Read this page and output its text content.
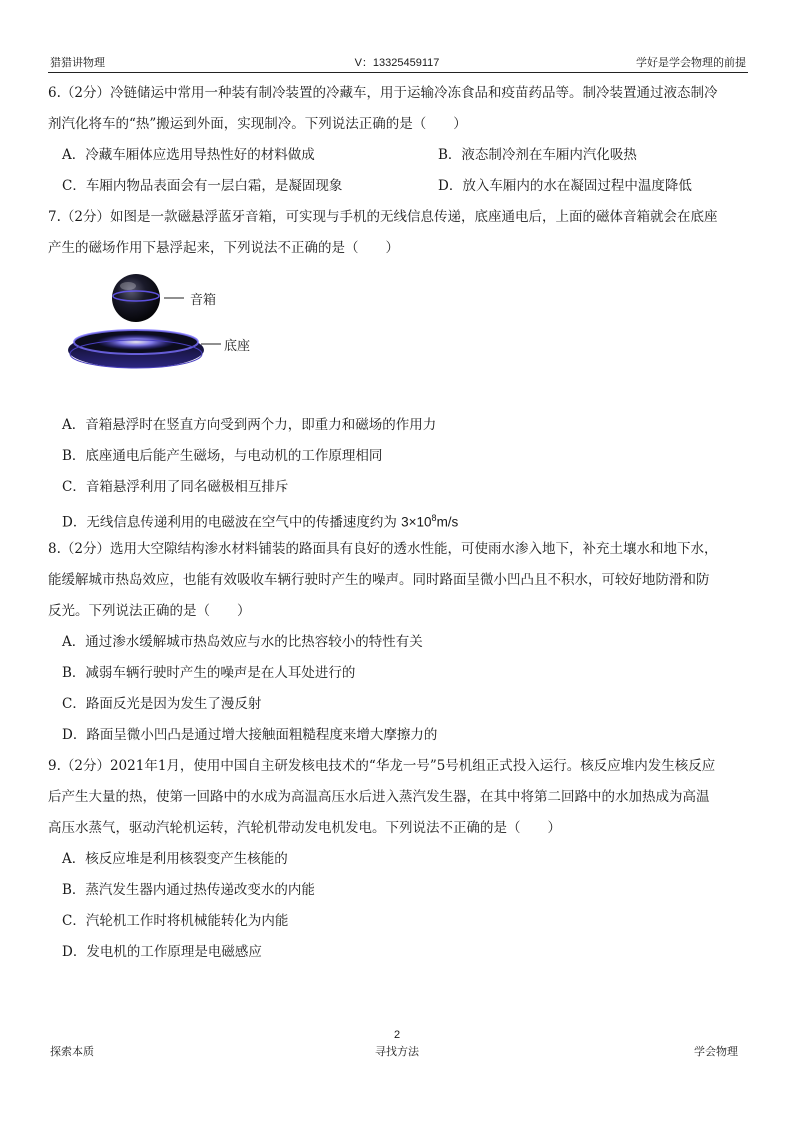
猎猎讲物理	V：13325459117	学好是学会物理的前提
6.（2分）冷链储运中常用一种装有制冷装置的冷藏车，用于运输冷冻食品和疫苗药品等。制冷装置通过液态制冷
剂汽化将车的“热”搬运到外面，实现制冷。下列说法正确的是（　　）
A．冷藏车厢体应选用导热性好的材料做成	B．液态制冷剂在车厢内汽化吸热
C．车厢内物品表面会有一层白霜，是凝固现象	D．放入车厢内的水在凝固过程中温度降低
7.（2分）如图是一款磁悬浮蓝牙音箱，可实现与手机的无线信息传递，底座通电后，上面的磁体音箱就会在底座
产生的磁场作用下悬浮起来，下列说法不正确的是（　　）
音箱
底座
A．音箱悬浮时在竖直方向受到两个力，即重力和磁场的作用力
B．底座通电后能产生磁场，与电动机的工作原理相同
C．音箱悬浮利用了同名磁极相互排斥
D．无线信息传递利用的电磁波在空气中的传播速度约为 $3\times 10^8m/s$
8.（2分）选用大空隙结构渗水材料铺装的路面具有良好的透水性能，可使雨水渗入地下，补充土壤水和地下水，
能缓解城市热岛效应，也能有效吸收车辆行驶时产生的噪声。同时路面呈微小凹凸且不积水，可较好地防滑和防
反光。下列说法正确的是（　　）
A．通过渗水缓解城市热岛效应与水的比热容较小的特性有关
B．减弱车辆行驶时产生的噪声是在人耳处进行的
C．路面反光是因为发生了漫反射
D．路面呈微小凹凸是通过增大接触面粗糙程度来增大摩擦力的
9.（2分）2021年1月，使用中国自主研发核电技术的“华龙一号”5号机组正式投入运行。核反应堆内发生核反应
后产生大量的热，使第一回路中的水成为高温高压水后进入蒸汽发生器，在其中将第二回路中的水加热成为高温
高压水蒸气，驱动汽轮机运转，汽轮机带动发电机发电。下列说法不正确的是（　　）
A．核反应堆是利用核裂变产生核能的
B．蒸汽发生器内通过热传递改变水的内能
C．汽轮机工作时将机械能转化为内能
D．发电机的工作原理是电磁感应
2
探索本质	寻找方法	学会物理
